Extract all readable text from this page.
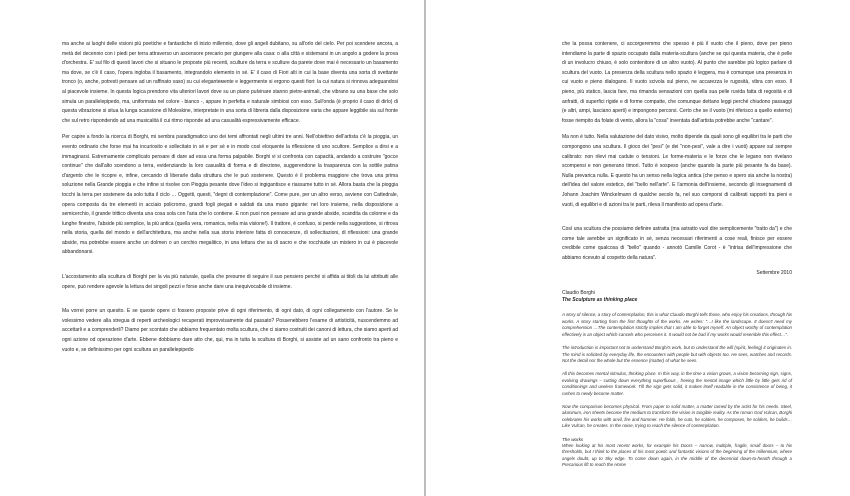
ma anche ai luoghi delle visioni più poetiche e fantastiche di inizio millennio, dove gli angeli dubitano, su all'orlo del cielo. Per poi scendere ancora, a metà del decennio con i piedi per terra attraverso un ascensore precario per giungere alla casa: o alla città e sistemarsi in un angolo a godere la prova d'orchestra. E' sul filo di questi lavori che si situano le proposte più recenti, sculture da terra e sculture da parete dove mai è necessario un basamento ma dove, se c'è il caso, l'opera inglobа il basamento, integrandolo elemento in sé. E' il caso di Fiori alti in cui la base diventa una sorta di svettante tronco (o, anche, potresti pensare ad un raffinato vaso) su cui eleganteмente e leggermente si ergono questi fiori: la cui natura si rinnova adeguandosi al piacevole insieme. In questa logica prendono vita ulteriori lavori dove su un piano pulvinare stanno pietre-animali, che vibrano su una base che solo simula un parallelepipedo, ma, uniformata nel colore - bianco -, appare in perfetta e naturale simbiosi con esso. Sull'onda (è proprio il caso di dirlo) di questa vibrazione si situa la lunga scansione di Moleskine, interpretate in una sorta di libreria dalla disposizione varia che appare leggibile sia sul fronte che sul retro rispondendo ad una musicalità il cui ritmo risponde ad una casualità espressivamente efficace.

Per capire a fondo la ricerca di Borghi, mi sembra paradigmatico uno dei temi affrontati negli ultimi tre anni. Nell'obiettivo dell'artista c'è la pioggia, un evento ordinario che forse mai ha incuriosito e sollecitato in sé e per sé e in modo così eloquente la riflessione di uno scultore. Semplice a dirsi e a immaginarsi. Estremamente complicato pensare di dare ad essa una forma palpabile. Borghi vi si confronta con capacità, andando a costruire "gocce continue" che dall'alto scendono a terra, evidenziando la loro casualità di forma e di direzione, suggerendone la trasparenza con la sottile patina d'argento che le ricopre e, infine, cercando di liberarle dalla struttura che le può sostenere. Questo è il problema maggiore che trova una prima soluzione nella Grande pioggia e che infine si risolve con Pioggia pesante dove l'ideo si ingigantisce e riassume tutto in sé. Allora basta che la pioggia tocchi la terra per sostenere da solo tutta il ciclo … Oggetti, questi, "degni di contemplazione". Come pure, per un altro verso, avviene con Cattedrale, opera composta da tre elementi in acciaio policromo, grandi fogli piegati e saldati da una mano gigante: nel loro insieme, nella disposizione a semicerchio, il grande trittico diventa una cosa sola con l'aria che lo contiene. E non puoi non pensare ad una grande abside, scandita da colonne e da lunghe finestre, l'abside più semplice, la più antica (quella vera, romanica, nella mia visione!). Il trattore, è confuso, si perde nella suggestione, si ritrova nella storia, quella del mondo e dell'architettura, ma anche nella sua storia interiore fatta di conoscenze, di sollecitazioni, di riflessioni: una grande abside, ma potrebbe essere anche un dolmen o un cerchio megalitico, in una lettura che sa di sacro e che rocchiude un mistero in cui è piacevole abbandonarsi.

L'accostamento alla scultura di Borghi per la via più naturale, quella che presume di seguire il suo pensiero perché si affida ai titoli da lui attribuiti alle opere, può rendere agevole la lettura dei singoli pezzi e forse anche dare una inequivocabile di insieme.

Ma vorrei porre un quesito. E se queste opere ci fossero proposte prive di ogni riferimento, di ogni dato, di ogni collegamento con l'autore. Se le volessimo vedere alla stregua di reperti archeologici recuperati improvvisamente dal passato? Possenebbero l'esame di artisticità, nuscendemmo ad accettarli e a comprenderli? Diamo per scontato che abbiamo frequentato molta scultura, che ci siamo costruiti dei canoni di lettura, che siamo aperti ad ogni azione od operazione d'arte. Ebbene dobbiamo dare atto che, qui, ma in tutta la scultura di Borghi, si assiste ad un sano confronto tra pieno e vuoto e, se definissimo per ogni scultura un parallelepipedo

che la possa contenere, ci accorgeremmo che spesso è più il vuoto che il pieno, dove per pieno intendiamo la parte di spazio occupato dalla materia-scultura (anche se qui questa materia, che è pelle di un involucro chiuso, è solo contenitore di un altro vuoto). Al punto che sarebbe più logico parlare di scultura del vuoto. La presenza della scultura nello spazio è leggera, ma è comunque una presenza in cui vuoto e pieno dialogano. Il vuoto scivola sul pieno, ne accarezza le rugosità, vibra con esso. Il pieno, più statico, lascia fare, ma rimanda sensazioni con quella sua pelle ruvida fatta di regosità e di anfratti, di superfici rigide e di forme compatte, che comunque dettano leggi perché chiudono passaggi (e altri, ampi, lasciano aperti) e impongono percorsi. Certo che se il vuoto (mi riferisco a quello esterno) fosse riempito da folate di vento, allora la "cosa" inventata dall'artista potrebbe anche "cantare".

Ma non è tutto. Nella valutazione del dato visivo, molto dipende da quali sono gli equilibri tra le parti che compongono una scultura. Il gioco dei "pesi" (e dei "non-pesi", vale a dire i vuoti) appare sul sempre calibrato: non rilevi mai cadute o tensioni. Le forme-materia e le forze che le legano non rivelano scompensi e non generano timori. Tutto è sospeso (anche quando la parte più pesante fa da base). Nulla prevarica nulla. E questo ha un senso nella logica antica (che penso e spero sia anche la nostra) dell'idea del valore estetico, del "bello nell'arte". E l'armonia dell'insieme, secondo gli insegnamenti di Johann Joachim Winckelmann di qualche secolo fa, nel suo comporsi di calibrati rapporti tra pieni e vuoti, di equilibri e di azioni tra le parti, rileva il manifesto ad opera d'arte.

Così una scultura che possiamo definire astratta (ma astratto vuol dire semplicemente "tratto da") e che come tale avrebbe un significato in sé, senza necessari riferimenti a cose reali, finisce per essere credibile come qualcosa di "bello" quando - annotò Camille Corot - è "intrisa dell'impressione che abbiamo ricevuto al cospetto della natura".

Settembre 2010
Claudio Borghi
The Sculpture as thinking place

A story of silence, a story of contemplation, this is what Claudio Borghi tells those, who enjoy his creations, through his works. A story starting from the first thoughts of the works. He writes: "…I like the landscape. It doesn't need my comprehension …The contemplation strictly implies that I am able to forget myself. An object worthy of contemplation effectively is an object which cancels who perceives it. It would not be bad if my works would resemble this effect…".

The introduction is important not to understand Borghi's work, but to understand the will (spirit, feeling) it originates in. The mind is solicited by everyday life, the encounters with people but with objects too. He sees, watches and records. Not the detail nor the whole but the essence (matter) of what he sees.

All this becomes mental stimulus, thinking place. In this way, in the time a vision grows, a vision becoming sign, signs, evolving drawings – cutting down everything superfluous , freeing the mental image which little by little gets rid of conditionings and useless framework. Till the sign gets solid, it makes itself readable in the consistence of being, it rushes to newly become matter.

Now the comparison becomes physical. From paper to solid matter, a matter tamed by the artist for his needs. Steel, aluminum, iron sheets become the medium to transform the vision in tangible reality. As the roman God Vulcan, Borghi celebrates his works with anvil, fire and hammer. He folds, he cuts, he solders, he composes, he solders, he builds…Like Vulcan, he creates. In the noise, trying to reach the silence of contemplation.

The works

When looking at his most recent works, for example his Doors – narrow, multiple, fragile, small doors – to his thresholds, but I think to the places of his most poetic and fantastic visions of the beginning of the millennium, where angels doubt, up to Sky edge. To come down again, in the middle of the decennial down-to-hearth through a Precarious lift to reach the Home
